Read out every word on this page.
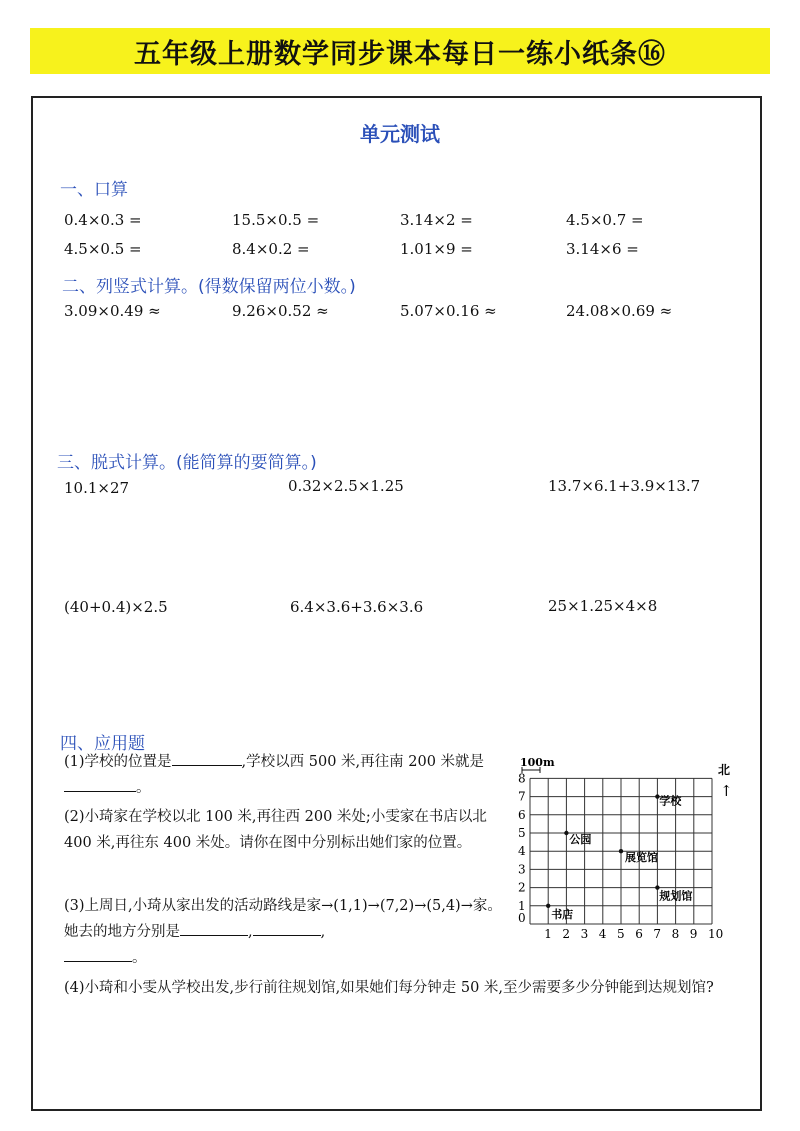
五年级上册数学同步课本每日一练小纸条⑯
单元测试
一、口算
0.4×0.3 =	15.5×0.5 =	3.14×2 =	4.5×0.7 =
4.5×0.5 =	8.4×0.2 =	1.01×9 =	3.14×6 =
二、列竖式计算。(得数保留两位小数。)
3.09×0.49 ≈	9.26×0.52 ≈	5.07×0.16 ≈	24.08×0.69 ≈
三、脱式计算。(能简算的要简算。)
10.1×27	0.32×2.5×1.25	13.7×6.1+3.9×13.7
(40+0.4)×2.5	6.4×3.6+3.6×3.6	25×1.25×4×8
四、应用题
(1)学校的位置是	,学校以西 500 米,再往南 200 米就是。
(2)小琦家在学校以北 100 米,再往西 200 米处;小雯家在书店以北 400 米,再往东 400 米处。请你在图中分别标出她们家的位置。
(3)上周日,小琦从家出发的活动路线是家→(1,1)→(7,2)→(5,4)→家。她去的地方分别是	,	,
。
(4)小琦和小雯从学校出发,步行前往规划馆,如果她们每分钟走 50 米,至少需要多少分钟能到达规划馆?
100m
北
↑
0
1 2 3 4 5 6 7 8 9 10
1
2
3
4
5
6
7
8
学校
公园
展览馆
规划馆
书店
